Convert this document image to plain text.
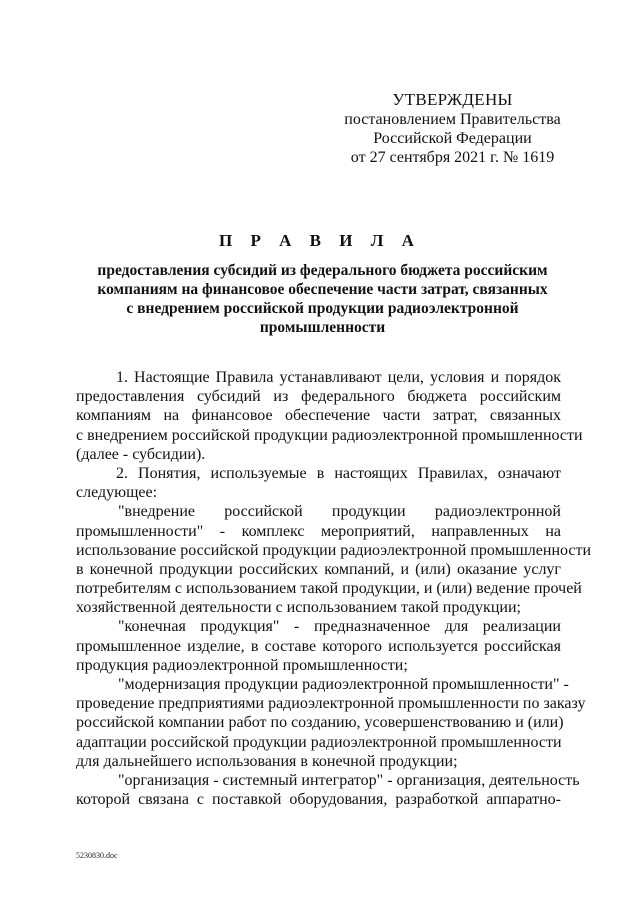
УТВЕРЖДЕНЫ
постановлением Правительства
Российской Федерации
от 27 сентября 2021 г. № 1619
П Р А В И Л А
предоставления субсидий из федерального бюджета российским
компаниям на финансовое обеспечение части затрат, связанных
с внедрением российской продукции радиоэлектронной
промышленности
1. Настоящие Правила устанавливают цели, условия и порядок
предоставления субсидий из федерального бюджета российским
компаниям на финансовое обеспечение части затрат, связанных
с внедрением российской продукции радиоэлектронной промышленности
(далее - субсидии).
2. Понятия, используемые в настоящих Правилах, означают
следующее:
"внедрение российской продукции радиоэлектронной
промышленности" - комплекс мероприятий, направленных на
использование российской продукции радиоэлектронной промышленности
в конечной продукции российских компаний, и (или) оказание услуг
потребителям с использованием такой продукции, и (или) ведение прочей
хозяйственной деятельности с использованием такой продукции;
"конечная продукция" - предназначенное для реализации
промышленное изделие, в составе которого используется российская
продукция радиоэлектронной промышленности;
"модернизация продукции радиоэлектронной промышленности" -
проведение предприятиями радиоэлектронной промышленности по заказу
российской компании работ по созданию, усовершенствованию и (или)
адаптации российской продукции радиоэлектронной промышленности
для дальнейшего использования в конечной продукции;
"организация - системный интегратор" - организация, деятельность
которой связана с поставкой оборудования, разработкой аппаратно-
5230830.doc
